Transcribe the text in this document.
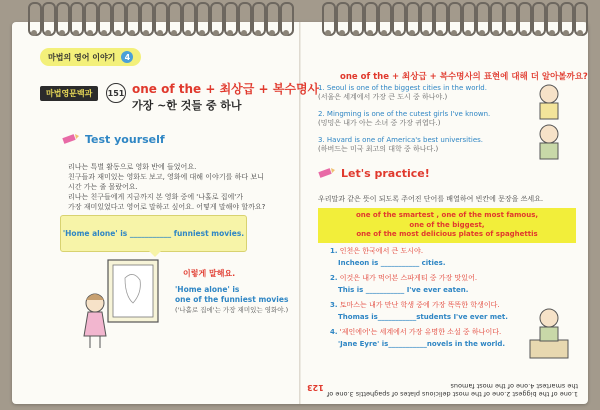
마법의 영어 이야기	4
마법영문백과	151 one of the + 최상급 + 복수명사
가장 ~한 것들 중 하나
Test yourself
리나는 특별 활동으로 영화 반에 들었어요.
친구들과 재미있는 영화도 보고, 영화에 대해 이야기를 하다 보니
시간 가는 줄 몰랐어요.
리나는 친구들에게 지금까지 본 영화 중에 '나홀로 집에'가
가장 재미있었다고 영어로 말하고 싶어요. 어떻게 말해야 할까요?
'Home alone' is ___________ funniest movies.
이렇게 말해요.
'Home alone' is
one of the funniest movies
('나홀로 집에'는 가장 재미있는 영화야.)
one of the + 최상급 + 복수명사의 표현에 대해 더 알아볼까요?
1. Seoul is one of the biggest cities in the world.
(서울은 세계에서 가장 큰 도시 중 하나야.)
2. Mingming is one of the cutest girls I've known.
(밍밍은 내가 아는 소녀 중 가장 귀엽다.)
3. Havard is one of America's best universities.
(하버드는 미국 최고의 대학 중 하나다.)
Let's practice!
우리말과 같은 뜻이 되도록 주어진 단어를 배열하여 빈칸에 문장을 쓰세요.
one of the smartest , one of the most famous,
one of the biggest,
one of the most delicious plates of spaghettis
1. 인천은 한국에서 큰 도시야.
Incheon is ___________ cities.
2. 이것은 내가 먹어본 스파게티 중 가장 맛있어.
This is ___________ I've ever eaten.
3. 토마스는 내가 만난 학생 중에 가장 똑똑한 학생이다.
Thomas is___________students I've ever met.
4. '제인에어'는 세계에서 가장 유명한 소설 중 하나이다.
'Jane Eyre' is___________novels in the world.
1.one of the biggest 2.one of the most delicious plates of spaghettis 3.one of the smartest 4.one of the most famous
123
